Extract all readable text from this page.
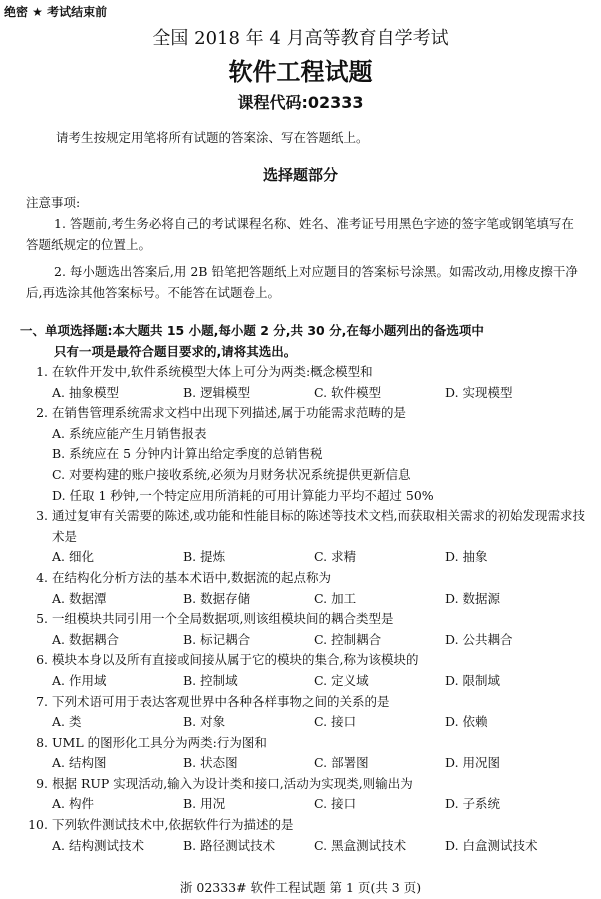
绝密 ★ 考试结束前
全国 2018 年 4 月高等教育自学考试
软件工程试题
课程代码:02333
请考生按规定用笔将所有试题的答案涂、写在答题纸上。
选择题部分
注意事项:
1. 答题前,考生务必将自己的考试课程名称、姓名、准考证号用黑色字迹的签字笔或钢笔填写在答题纸规定的位置上。
2. 每小题选出答案后,用 2B 铅笔把答题纸上对应题目的答案标号涂黑。如需改动,用橡皮擦干净后,再选涂其他答案标号。不能答在试题卷上。
一、单项选择题:本大题共 15 小题,每小题 2 分,共 30 分,在每小题列出的备选项中
只有一项是最符合题目要求的,请将其选出。
1. 在软件开发中,软件系统模型大体上可分为两类:概念模型和
A. 抽象模型	B. 逻辑模型	C. 软件模型	D. 实现模型
2. 在销售管理系统需求文档中出现下列描述,属于功能需求范畴的是
A. 系统应能产生月销售报表
B. 系统应在 5 分钟内计算出给定季度的总销售税
C. 对要构建的账户接收系统,必须为月财务状况系统提供更新信息
D. 任取 1 秒钟,一个特定应用所消耗的可用计算能力平均不超过 50%
3. 通过复审有关需要的陈述,或功能和性能目标的陈述等技术文档,而获取相关需求的初始发现需求技术是
A. 细化	B. 提炼	C. 求精	D. 抽象
4. 在结构化分析方法的基本术语中,数据流的起点称为
A. 数据潭	B. 数据存储	C. 加工	D. 数据源
5. 一组模块共同引用一个全局数据项,则该组模块间的耦合类型是
A. 数据耦合	B. 标记耦合	C. 控制耦合	D. 公共耦合
6. 模块本身以及所有直接或间接从属于它的模块的集合,称为该模块的
A. 作用域	B. 控制域	C. 定义域	D. 限制域
7. 下列术语可用于表达客观世界中各种各样事物之间的关系的是
A. 类	B. 对象	C. 接口	D. 依赖
8. UML 的图形化工具分为两类:行为图和
A. 结构图	B. 状态图	C. 部署图	D. 用况图
9. 根据 RUP 实现活动,输入为设计类和接口,活动为实现类,则输出为
A. 构件	B. 用况	C. 接口	D. 子系统
10. 下列软件测试技术中,依据软件行为描述的是
A. 结构测试技术	B. 路径测试技术	C. 黑盒测试技术	D. 白盒测试技术
浙 02333# 软件工程试题 第 1 页(共 3 页)
